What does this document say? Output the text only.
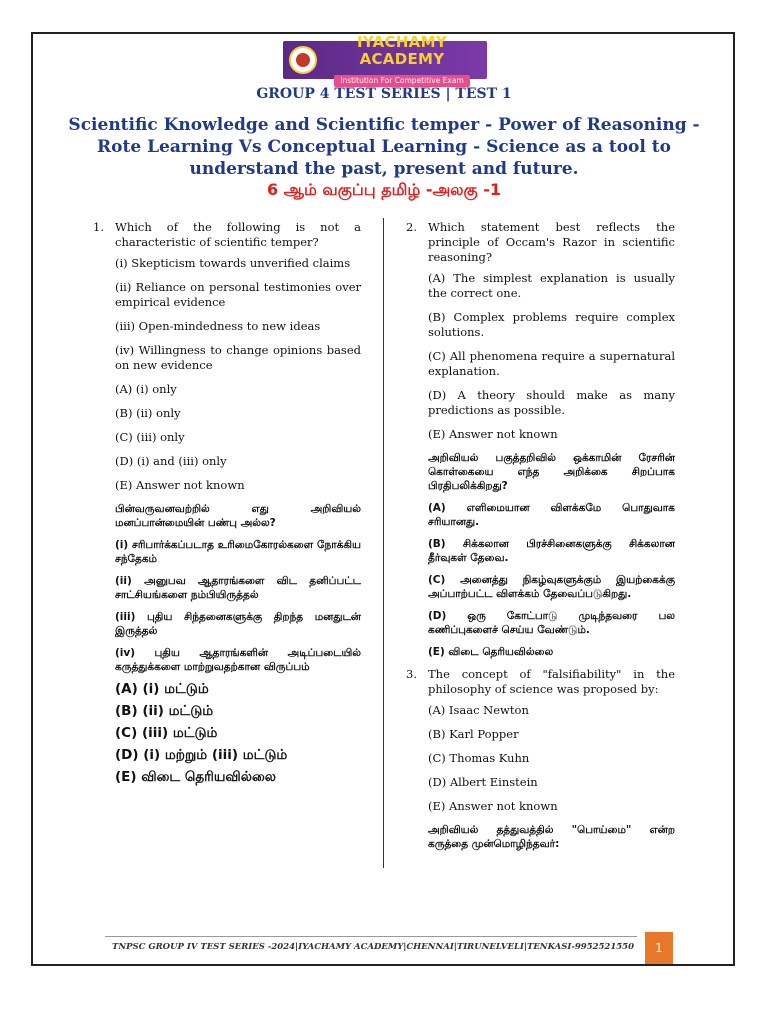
IYACHAMY ACADEMY
Institution For Competitive Exam
GROUP 4 TEST SERIES | TEST 1
Scientific Knowledge and Scientific temper - Power of Reasoning - Rote Learning Vs Conceptual Learning - Science as a tool to understand the past, present and future.
6 ஆம் வகுப்பு தமிழ் -அலகு -1
1. Which of the following is not a characteristic of scientific temper?
(i) Skepticism towards unverified claims
(ii) Reliance on personal testimonies over empirical evidence
(iii) Open-mindedness to new ideas
(iv) Willingness to change opinions based on new evidence
(A) (i) only
(B) (ii) only
(C) (iii) only
(D) (i) and (iii) only
(E) Answer not known
பின்வருவனவற்றில் எது அறிவியல் மனப்பான்மையின் பண்பு அல்ல?
(i) சரிபார்க்கப்படாத உரிமைகோரல்களை நோக்கிய சந்தேகம்
(ii) அனுபவ ஆதாரங்களை விட தனிப்பட்ட சாட்சியங்களை நம்பியிருத்தல்
(iii) புதிய சிந்தனைகளுக்கு திறந்த மனதுடன் இருத்தல்
(iv) புதிய ஆதாரங்களின் அடிப்படையில் கருத்துக்களை மாற்றுவதற்கான விருப்பம்
(A) (i) மட்டும்
(B) (ii) மட்டும்
(C) (iii) மட்டும்
(D) (i) மற்றும் (iii) மட்டும்
(E) விடை தெரியவில்லை
2. Which statement best reflects the principle of Occam's Razor in scientific reasoning?
(A) The simplest explanation is usually the correct one.
(B) Complex problems require complex solutions.
(C) All phenomena require a supernatural explanation.
(D) A theory should make as many predictions as possible.
(E) Answer not known
அறிவியல் பகுத்தறிவில் ஒக்காமின் ரேசரின் கொள்கையை எந்த அறிக்கை சிறப்பாக பிரதிபலிக்கிறது?
(A) எளிமையான விளக்கமே பொதுவாக சரியானது.
(B) சிக்கலான பிரச்சினைகளுக்கு சிக்கலான தீர்வுகள் தேவை.
(C) அனைத்து நிகழ்வுகளுக்கும் இயற்கைக்கு அப்பாற்பட்ட விளக்கம் தேவைப்படுகிறது.
(D) ஒரு கோட்பாடு முடிந்தவரை பல கணிப்புகளைச் செய்ய வேண்டும்.
(E) விடை தெரியவில்லை
3. The concept of "falsifiability" in the philosophy of science was proposed by:
(A) Isaac Newton
(B) Karl Popper
(C) Thomas Kuhn
(D) Albert Einstein
(E) Answer not known
அறிவியல் தத்துவத்தில் "பொய்மை" என்ற கருத்தை முன்மொழிந்தவர்:
TNPSC GROUP IV TEST SERIES -2024|IYACHAMY ACADEMY|CHENNAI|TIRUNELVELI|TENKASI-9952521550	1
